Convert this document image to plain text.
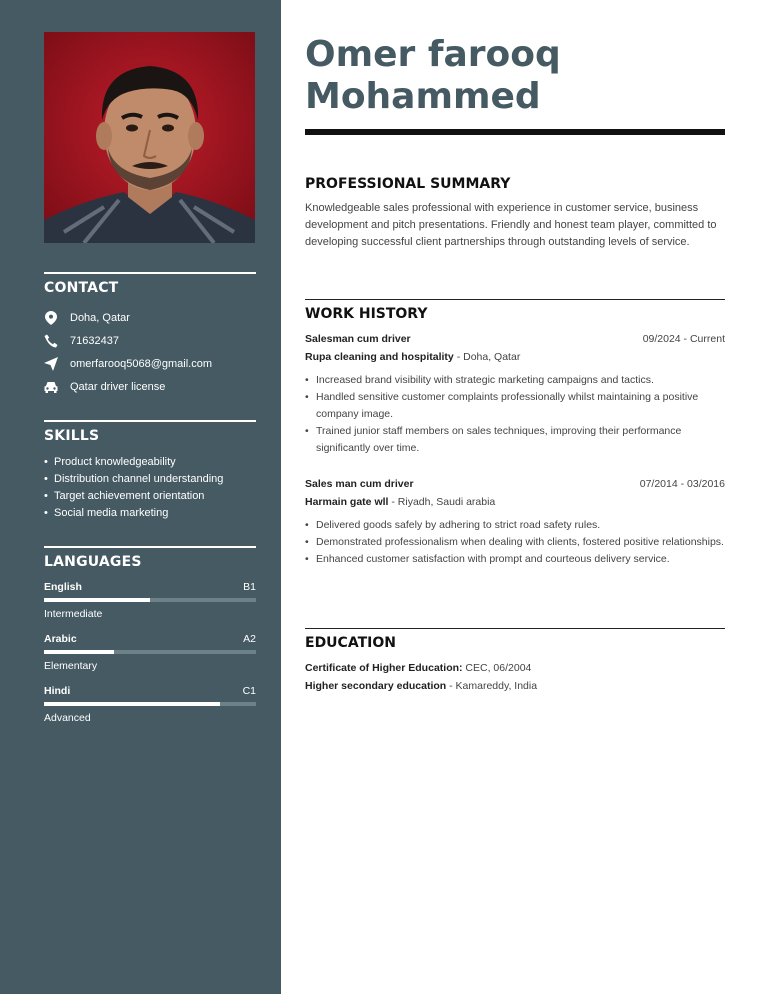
CONTACT
Doha, Qatar
71632437
omerfarooq5068@gmail.com
Qatar driver license
SKILLS
• Product knowledgeability
• Distribution channel understanding
• Target achievement orientation
• Social media marketing
LANGUAGES
English	B1
Intermediate
Arabic	A2
Elementary
Hindi	C1
Advanced
Omer farooq
Mohammed
PROFESSIONAL SUMMARY

Knowledgeable sales professional with experience in customer service, business development and pitch presentations. Friendly and honest team player, committed to developing successful client partnerships through outstanding levels of service.

WORK HISTORY
Salesman cum driver	09/2024 - Current
Rupa cleaning and hospitality - Doha, Qatar
• Increased brand visibility with strategic marketing campaigns and tactics.
• Handled sensitive customer complaints professionally whilst maintaining a positive company image.
• Trained junior staff members on sales techniques, improving their performance significantly over time.
Sales man cum driver	07/2014 - 03/2016
Harmain gate wll - Riyadh, Saudi arabia
• Delivered goods safely by adhering to strict road safety rules.
• Demonstrated professionalism when dealing with clients, fostered positive relationships.
• Enhanced customer satisfaction with prompt and courteous delivery service.
EDUCATION
Certificate of Higher Education: CEC, 06/2004
Higher secondary education - Kamareddy, India
